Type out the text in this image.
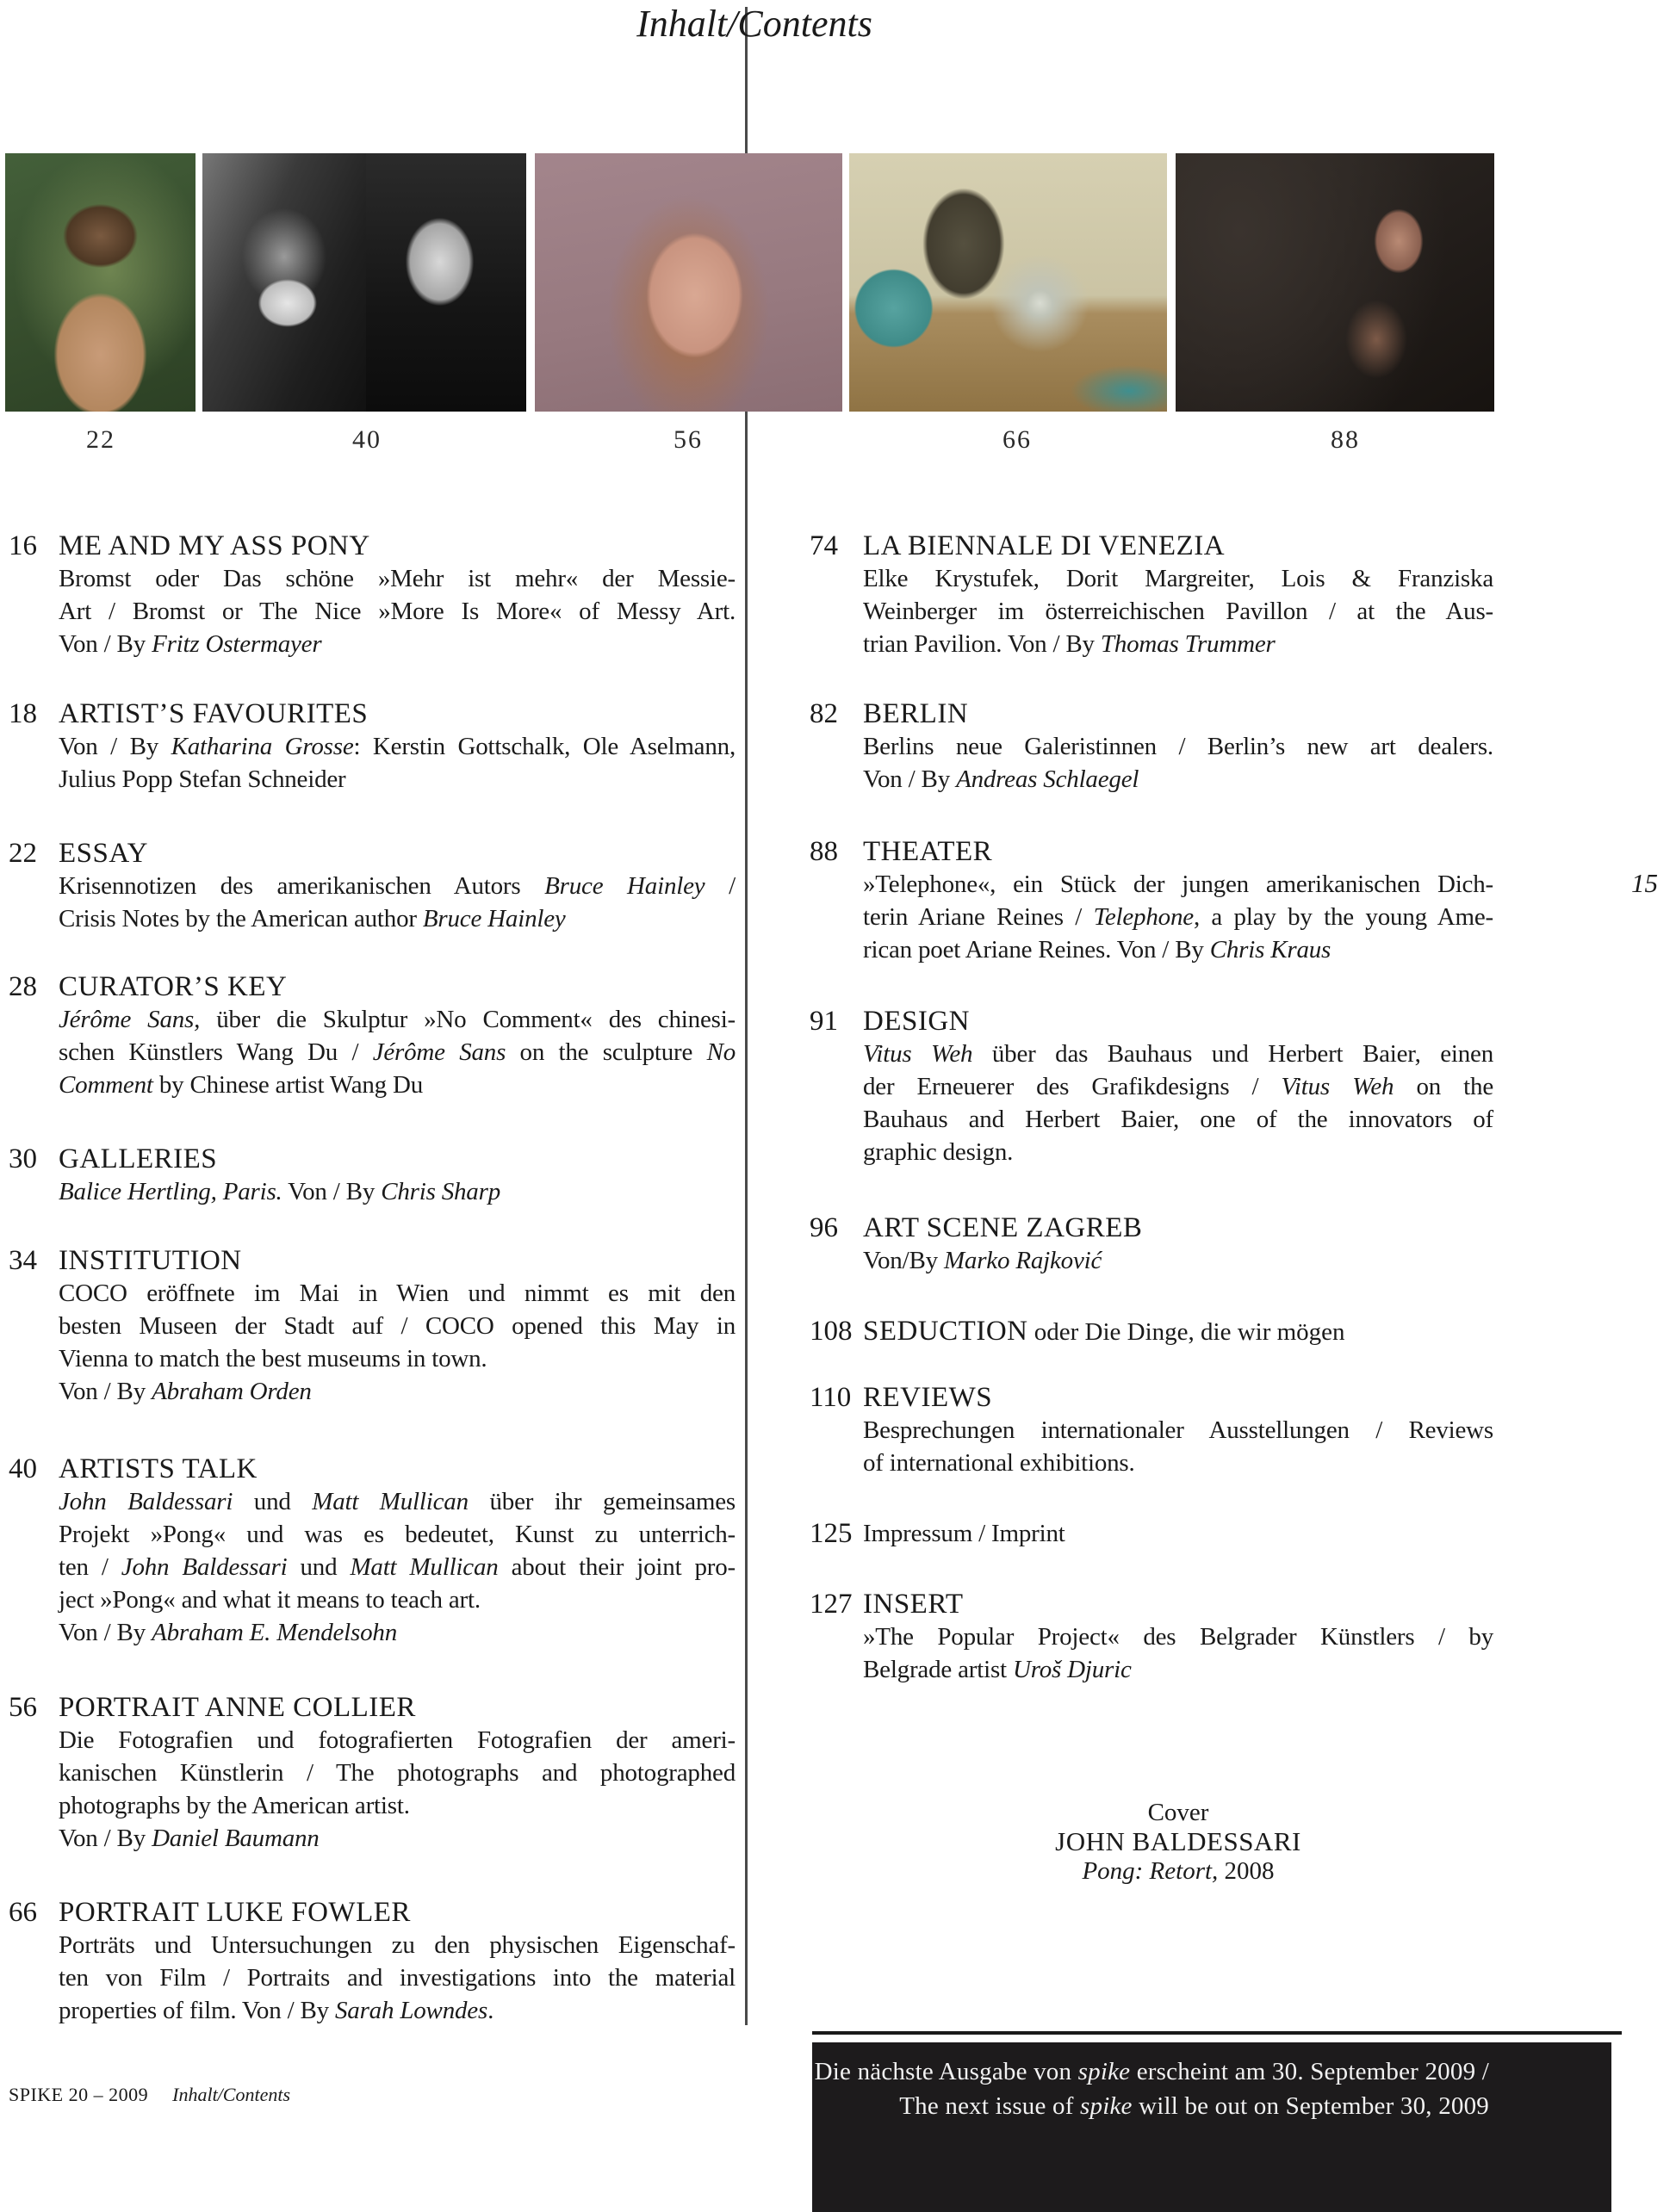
Inhalt/Contents
22	40	56	66	88
16 ME AND MY ASS PONY
Bromst oder Das schöne »Mehr ist mehr« der Messie-
Art / Bromst or The Nice »More Is More« of Messy Art.
Von / By Fritz Ostermayer
18 ARTIST’S FAVOURITES
Von / By Katharina Grosse: Kerstin Gottschalk, Ole Aselmann,
Julius Popp Stefan Schneider
22 ESSAY
Krisennotizen des amerikanischen Autors Bruce Hainley /
Crisis Notes by the American author Bruce Hainley
28 CURATOR’S KEY
Jérôme Sans, über die Skulptur »No Comment« des chinesi-
schen Künstlers Wang Du / Jérôme Sans on the sculpture No
Comment by Chinese artist Wang Du
30 GALLERIES
Balice Hertling, Paris. Von / By Chris Sharp
34 INSTITUTION
COCO eröffnete im Mai in Wien und nimmt es mit den
besten Museen der Stadt auf / COCO opened this May in
Vienna to match the best museums in town.
Von / By Abraham Orden
40 ARTISTS TALK
John Baldessari und Matt Mullican über ihr gemeinsames
Projekt »Pong« und was es bedeutet, Kunst zu unterrich-
ten / John Baldessari und Matt Mullican about their joint pro-
ject »Pong« and what it means to teach art.
Von / By Abraham E. Mendelsohn
56 PORTRAIT ANNE COLLIER
Die Fotografien und fotografierten Fotografien der ameri-
kanischen Künstlerin / The photographs and photographed
photographs by the American artist.
Von / By Daniel Baumann
66 PORTRAIT LUKE FOWLER
Porträts und Untersuchungen zu den physischen Eigenschaf-
ten von Film / Portraits and investigations into the material
properties of film. Von / By Sarah Lowndes.
74 LA BIENNALE DI VENEZIA
Elke Krystufek, Dorit Margreiter, Lois & Franziska
Weinberger im österreichischen Pavillon / at the Aus-
trian Pavilion. Von / By Thomas Trummer
82 BERLIN
Berlins neue Galeristinnen / Berlin’s new art dealers.
Von / By Andreas Schlaegel
88 THEATER
»Telephone«, ein Stück der jungen amerikanischen Dich-
terin Ariane Reines / Telephone, a play by the young Ame-
rican poet Ariane Reines. Von / By Chris Kraus
91 DESIGN
Vitus Weh über das Bauhaus und Herbert Baier, einen
der Erneuerer des Grafikdesigns / Vitus Weh on the
Bauhaus and Herbert Baier, one of the innovators of
graphic design.
96 ART SCENE ZAGREB
Von/By Marko Rajković
108 SEDUCTION oder Die Dinge, die wir mögen
110 REVIEWS
Besprechungen internationaler Ausstellungen / Reviews
of international exhibitions.
125 Impressum / Imprint
127 INSERT
»The Popular Project« des Belgrader Künstlers / by
Belgrade artist Uroš Djuric
Cover
JOHN BALDESSARI
Pong: Retort, 2008
15
Die nächste Ausgabe von spike erscheint am 30. September 2009 /
The next issue of spike will be out on September 30, 2009
SPIKE 20 – 2009 Inhalt/Contents
